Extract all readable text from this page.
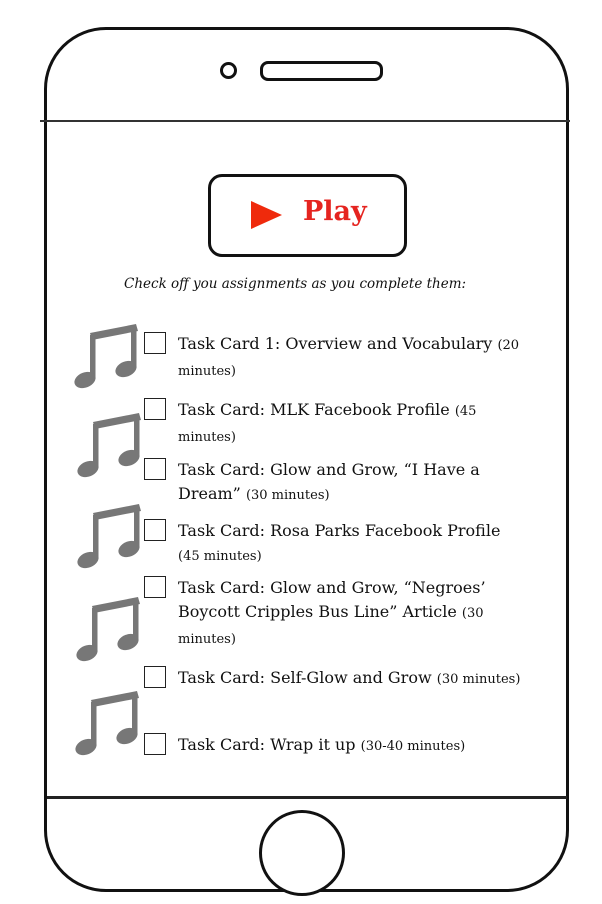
Play
Check off you assignments as you complete them:
Task Card 1: Overview and Vocabulary (20 minutes)
Task Card: MLK Facebook Profile (45 minutes)
Task Card: Glow and Grow, “I Have a Dream” (30 minutes)
Task Card: Rosa Parks Facebook Profile (45 minutes)
Task Card: Glow and Grow, “Negroes’ Boycott Cripples Bus Line” Article (30 minutes)
Task Card: Self-Glow and Grow (30 minutes)
Task Card: Wrap it up (30-40 minutes)
